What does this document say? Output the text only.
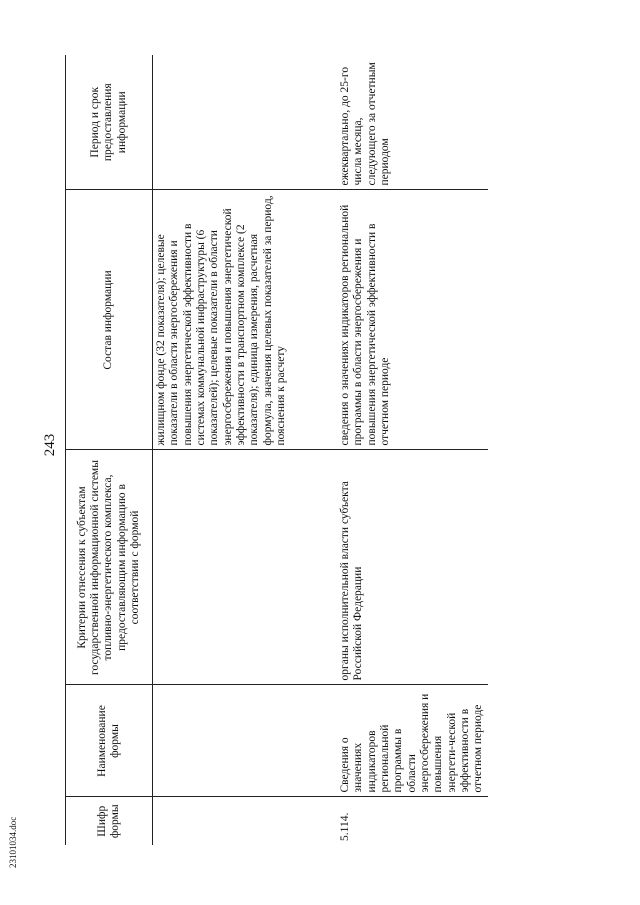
243
Шифр формы	Наименование формы	Критерии отнесения к субъектам государственной информационной системы топливно-энергетического комплекса, предоставляющим информацию в соответствии с формой	Состав информации	Период и срок предоставления информации
			жилищном фонде (32 показателя); целевые показатели в области энергосбережения и повышения энергетической эффективности в системах коммунальной инфраструктуры (6 показателей); целевые показатели в области энергосбережения и повышения энергетической эффективности в транспортном комплексе (2 показателя); единица измерения, расчетная формула, значения целевых показателей за период, пояснения к расчету	
5.114.	Сведения о значениях индикаторов региональной программы в области энергосбережения и повышения энергети-ческой эффективности в отчетном периоде	органы исполнительной власти субъекта Российской Федерации	сведения о значениях индикаторов региональной программы в области энергосбережения и повышения энергетической эффективности в отчетном периоде	ежеквартально, до 25-го числа месяца, следующего за отчетным периодом
23101034.doc
